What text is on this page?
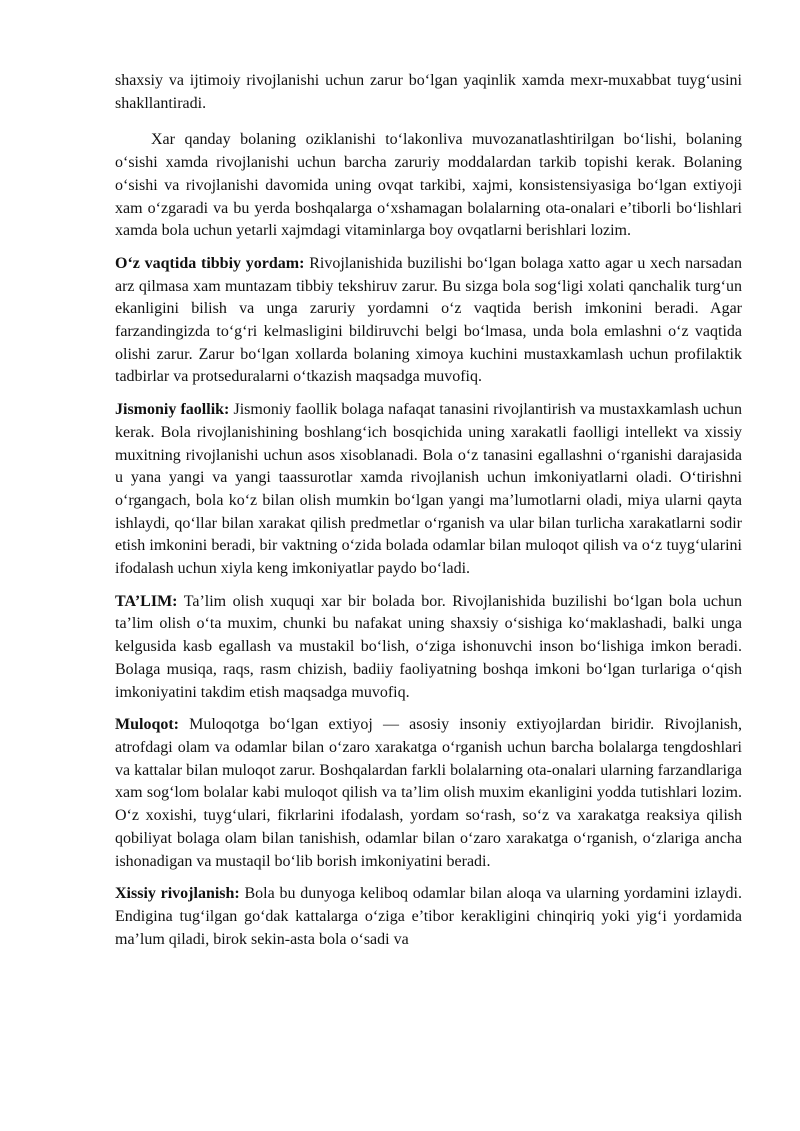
shaxsiy va ijtimoiy rivojlanishi uchun zarur bo‘lgan yaqinlik xamda mexr-muxabbat tuyg‘usini shakllantiradi.

Xar qanday bolaning oziklanishi to‘lakonliva muvozanatlashtirilgan bo‘lishi, bolaning o‘sishi xamda rivojlanishi uchun barcha zaruriy moddalardan tarkib topishi kerak. Bolaning o‘sishi va rivojlanishi davomida uning ovqat tarkibi, xajmi, konsistensiyasiga bo‘lgan extiyoji xam o‘zgaradi va bu yerda boshqalarga o‘xshamagan bolalarning ota-onalari e’tiborli bo‘lishlari xamda bola uchun yetarli xajmdagi vitaminlarga boy ovqatlarni berishlari lozim.

O‘z vaqtida tibbiy yordam: Rivojlanishida buzilishi bo‘lgan bolaga xatto agar u xech narsadan arz qilmasa xam muntazam tibbiy tekshiruv zarur. Bu sizga bola sog‘ligi xolati qanchalik turg‘un ekanligini bilish va unga zaruriy yordamni o‘z vaqtida berish imkonini beradi. Agar farzandingizda to‘g‘ri kelmasligini bildiruvchi belgi bo‘lmasa, unda bola emlashni o‘z vaqtida olishi zarur. Zarur bo‘lgan xollarda bolaning ximoya kuchini mustaxkamlash uchun profilaktik tadbirlar va protseduralarni o‘tkazish maqsadga muvofiq.

Jismoniy faollik: Jismoniy faollik bolaga nafaqat tanasini rivojlantirish va mustaxkamlash uchun kerak. Bola rivojlanishining boshlang‘ich bosqichida uning xarakatli faolligi intellekt va xissiy muxitning rivojlanishi uchun asos xisoblanadi. Bola o‘z tanasini egallashni o‘rganishi darajasida u yana yangi va yangi taassurotlar xamda rivojlanish uchun imkoniyatlarni oladi. O‘tirishni o‘rgangach, bola ko‘z bilan olish mumkin bo‘lgan yangi ma’lumotlarni oladi, miya ularni qayta ishlaydi, qo‘llar bilan xarakat qilish predmetlar o‘rganish va ular bilan turlicha xarakatlarni sodir etish imkonini beradi, bir vaktning o‘zida bolada odamlar bilan muloqot qilish va o‘z tuyg‘ularini ifodalash uchun xiyla keng imkoniyatlar paydo bo‘ladi.

TA’LIM: Ta’lim olish xuquqi xar bir bolada bor. Rivojlanishida buzilishi bo‘lgan bola uchun ta’lim olish o‘ta muxim, chunki bu nafakat uning shaxsiy o‘sishiga ko‘maklashadi, balki unga kelgusida kasb egallash va mustakil bo‘lish, o‘ziga ishonuvchi inson bo‘lishiga imkon beradi. Bolaga musiqa, raqs, rasm chizish, badiiy faoliyatning boshqa imkoni bo‘lgan turlariga o‘qish imkoniyatini takdim etish maqsadga muvofiq.

Muloqot: Muloqotga bo‘lgan extiyoj — asosiy insoniy extiyojlardan biridir. Rivojlanish, atrofdagi olam va odamlar bilan o‘zaro xarakatga o‘rganish uchun barcha bolalarga tengdoshlari va kattalar bilan muloqot zarur. Boshqalardan farkli bolalarning ota-onalari ularning farzandlariga xam sog‘lom bolalar kabi muloqot qilish va ta’lim olish muxim ekanligini yodda tutishlari lozim. O‘z xoxishi, tuyg‘ulari, fikrlarini ifodalash, yordam so‘rash, so‘z va xarakatga reaksiya qilish qobiliyat bolaga olam bilan tanishish, odamlar bilan o‘zaro xarakatga o‘rganish, o‘zlariga ancha ishonadigan va mustaqil bo‘lib borish imkoniyatini beradi.

Xissiy rivojlanish: Bola bu dunyoga keliboq odamlar bilan aloqa va ularning yordamini izlaydi. Endigina tug‘ilgan go‘dak kattalarga o‘ziga e’tibor kerakligini chinqiriq yoki yig‘i yordamida ma’lum qiladi, birok sekin-asta bola o‘sadi va
